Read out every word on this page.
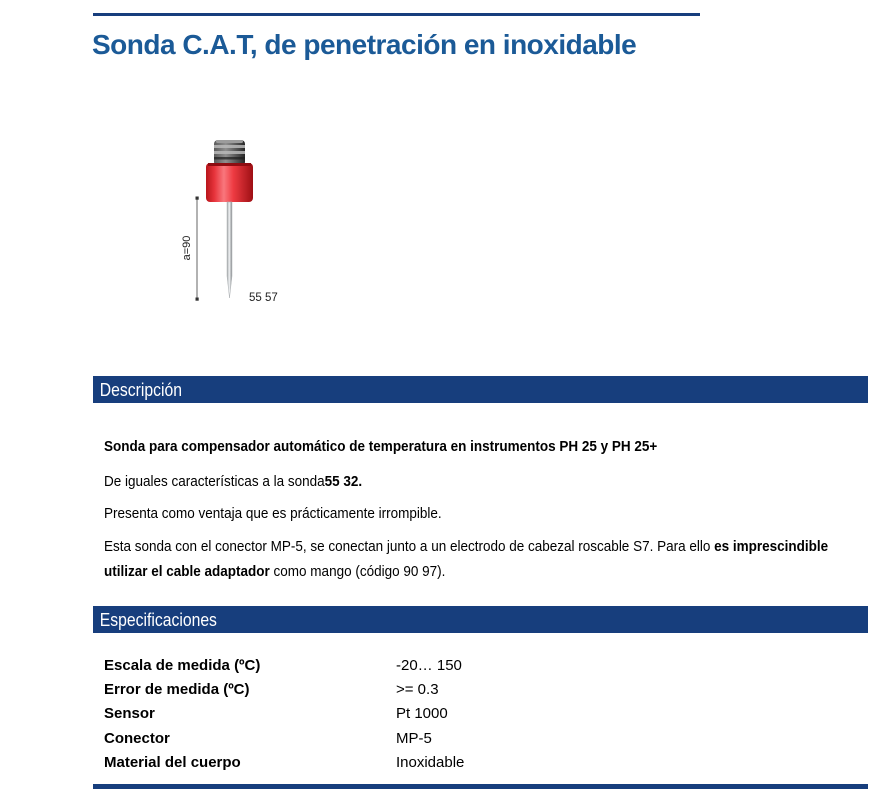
Sonda C.A.T, de penetración en inoxidable
a=90
55 57
Descripción

Sonda para compensador automático de temperatura en instrumentos PH 25 y PH 25+

De iguales características a la sonda55 32.

Presenta como ventaja que es prácticamente irrompible.

Esta sonda con el conector MP-5, se conectan junto a un electrodo de cabezal roscable S7. Para ello es imprescindible utilizar el cable adaptador como mango (código 90 97).

Especificaciones
Escala de medida (ºC)	-20… 150
Error de medida (ºC)	>= 0.3
Sensor	Pt 1000
Conector	MP-5
Material del cuerpo	Inoxidable
